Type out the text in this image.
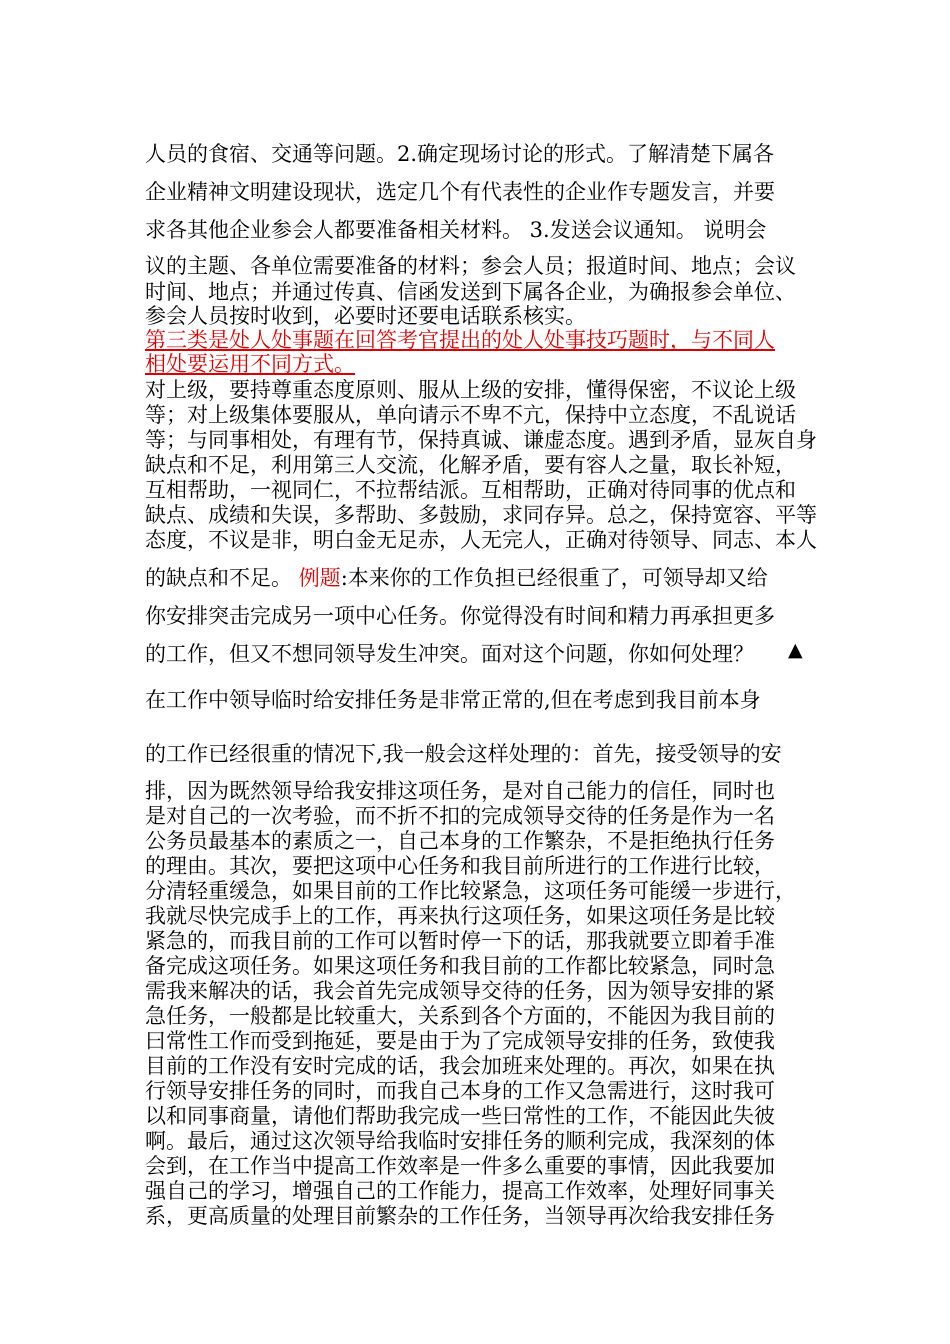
人员的食宿、交通等问题。2.确定现场讨论的形式。了解清楚下属各
企业精神文明建设现状，选定几个有代表性的企业作专题发言，并要
求各其他企业参会人都要准备相关材料。 3.发送会议通知。 说明会
议的主题、各单位需要准备的材料；参会人员；报道时间、地点；会议
时间、地点；并通过传真、信函发送到下属各企业，为确报参会单位、
参会人员按时收到，必要时还要电话联系核实。
第三类是处人处事题在回答考官提出的处人处事技巧题时，与不同人
相处要运用不同方式。
对上级，要持尊重态度原则、服从上级的安排，懂得保密，不议论上级
等；对上级集体要服从，单向请示不卑不亢，保持中立态度，不乱说话
等；与同事相处，有理有节，保持真诚、谦虚态度。遇到矛盾，显灰自身
缺点和不足，利用第三人交流，化解矛盾，要有容人之量，取长补短，
互相帮助，一视同仁，不拉帮结派。互相帮助，正确对待同事的优点和
缺点、成绩和失误，多帮助、多鼓励，求同存异。总之，保持宽容、平等
态度，不议是非，明白金无足赤，人无完人，正确对待领导、同志、本人
的缺点和不足。 例题:本来你的工作负担已经很重了，可领导却又给
你安排突击完成另一项中心任务。你觉得没有时间和精力再承担更多
的工作，但又不想同领导发生冲突。面对这个问题，你如何处理？	▲
在工作中领导临时给安排任务是非常正常的,但在考虑到我目前本身
的工作已经很重的情况下,我一般会这样处理的：首先，接受领导的安
排，因为既然领导给我安排这项任务，是对自己能力的信任，同时也
是对自己的一次考验，而不折不扣的完成领导交待的任务是作为一名
公务员最基本的素质之一，自己本身的工作繁杂，不是拒绝执行任务
的理由。其次，要把这项中心任务和我目前所进行的工作进行比较，
分清轻重缓急，如果目前的工作比较紧急，这项任务可能缓一步进行，
我就尽快完成手上的工作，再来执行这项任务，如果这项任务是比较
紧急的，而我目前的工作可以暂时停一下的话，那我就要立即着手准
备完成这项任务。如果这项任务和我目前的工作都比较紧急，同时急
需我来解决的话，我会首先完成领导交待的任务，因为领导安排的紧
急任务，一般都是比较重大，关系到各个方面的，不能因为我目前的
曰常性工作而受到拖延，要是由于为了完成领导安排的任务，致使我
目前的工作没有安时完成的话，我会加班来处理的。再次，如果在执
行领导安排任务的同时，而我自己本身的工作又急需进行，这时我可
以和同事商量，请他们帮助我完成一些曰常性的工作，不能因此失彼
啊。最后，通过这次领导给我临时安排任务的顺利完成，我深刻的体
会到，在工作当中提高工作效率是一件多么重要的事情，因此我要加
强自己的学习，增强自己的工作能力，提高工作效率，处理好同事关
系，更高质量的处理目前繁杂的工作任务，当领导再次给我安排任务
